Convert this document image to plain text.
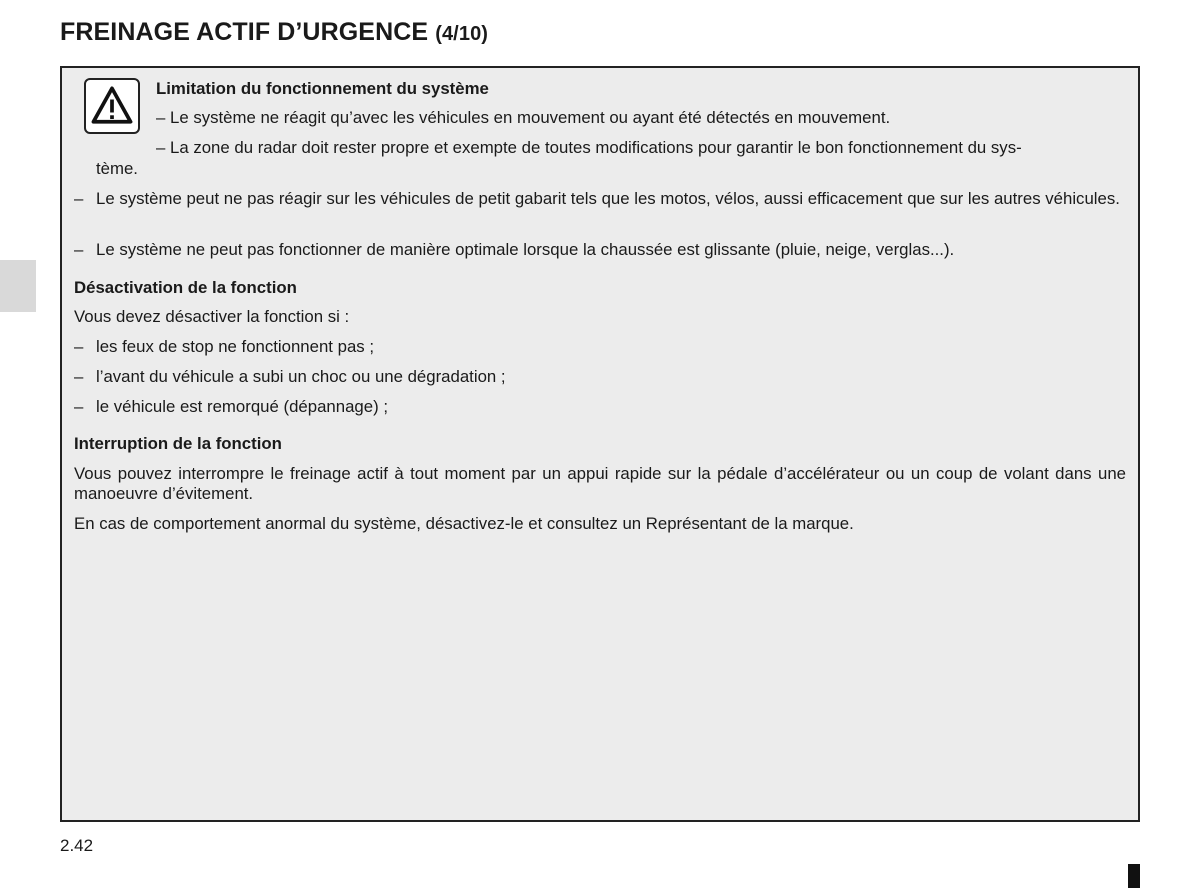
FREINAGE ACTIF D’URGENCE (4/10)
Limitation du fonctionnement du système
– Le système ne réagit qu’avec les véhicules en mouvement ou ayant été détectés en mouvement.
– La zone du radar doit rester propre et exempte de toutes modifications pour garantir le bon fonctionnement du sys-
tème.
– Le système peut ne pas réagir sur les véhicules de petit gabarit tels que les motos, vélos, aussi efficacement que sur les autres véhicules.
– Le système ne peut pas fonctionner de manière optimale lorsque la chaussée est glissante (pluie, neige, verglas...).
Désactivation de la fonction
Vous devez désactiver la fonction si :
– les feux de stop ne fonctionnent pas ;
– l’avant du véhicule a subi un choc ou une dégradation ;
– le véhicule est remorqué (dépannage) ;
Interruption de la fonction
Vous pouvez interrompre le freinage actif à tout moment par un appui rapide sur la pédale d’accélérateur ou un coup de volant dans une manoeuvre d’évitement.
En cas de comportement anormal du système, désactivez-le et consultez un Représentant de la marque.
2.42
